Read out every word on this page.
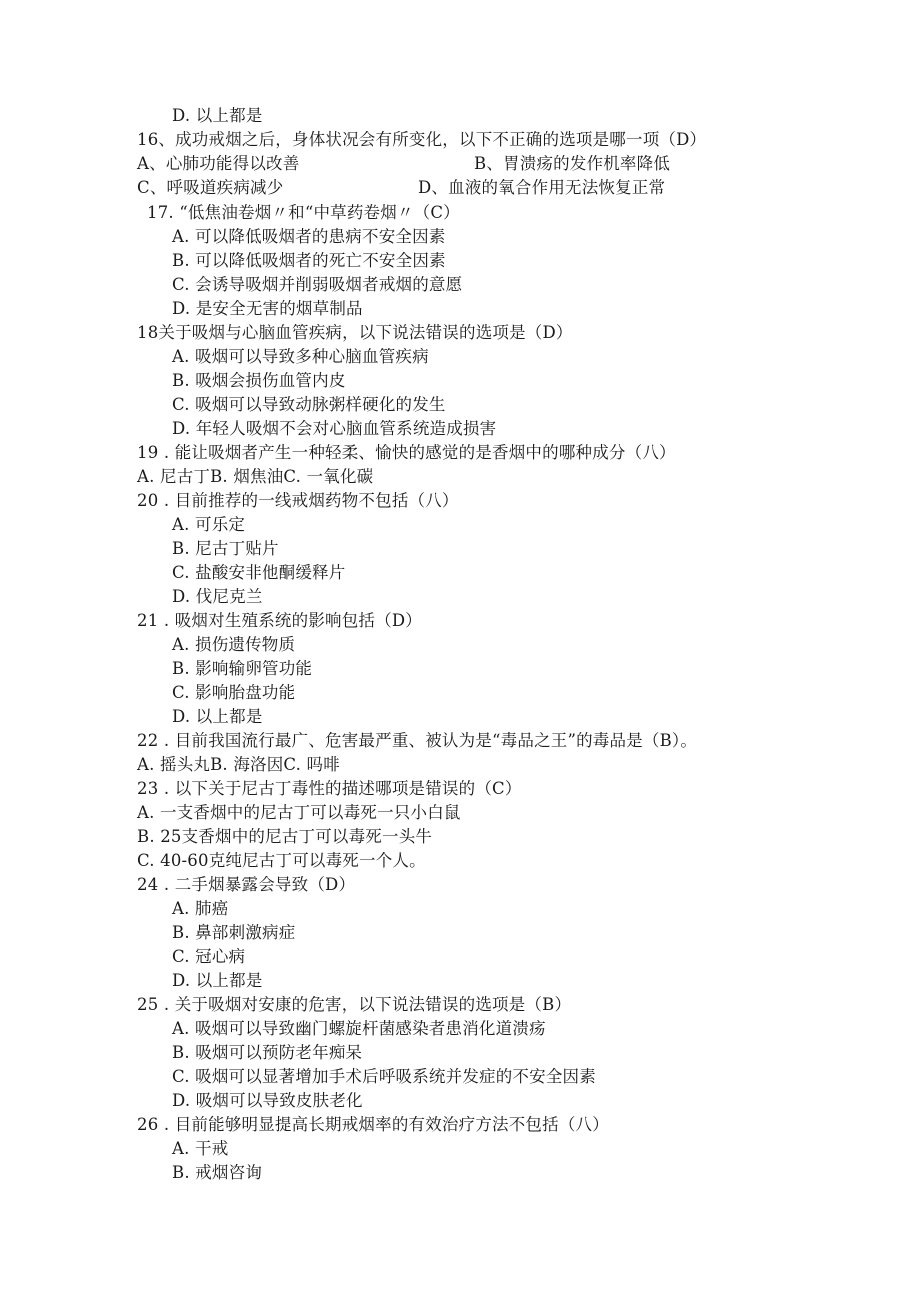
D. 以上都是
16、成功戒烟之后，身体状况会有所变化，以下不正确的选项是哪一项（D）
A、心肺功能得以改善	B、胃溃疡的发作机率降低
C、呼吸道疾病减少	D、血液的氧合作用无法恢复正常
17. “低焦油卷烟〃和“中草药卷烟〃（C）
A. 可以降低吸烟者的患病不安全因素
B. 可以降低吸烟者的死亡不安全因素
C. 会诱导吸烟并削弱吸烟者戒烟的意愿
D. 是安全无害的烟草制品
18关于吸烟与心脑血管疾病，以下说法错误的选项是（D）
A. 吸烟可以导致多种心脑血管疾病
B. 吸烟会损伤血管内皮
C. 吸烟可以导致动脉粥样硬化的发生
D. 年轻人吸烟不会对心脑血管系统造成损害
19 . 能让吸烟者产生一种轻柔、愉快的感觉的是香烟中的哪种成分（八）
A. 尼古丁B. 烟焦油C. 一氧化碳
20 . 目前推荐的一线戒烟药物不包括（八）
A. 可乐定
B. 尼古丁贴片
C. 盐酸安非他酮缓释片
D. 伐尼克兰
21 . 吸烟对生殖系统的影响包括（D）
A. 损伤遗传物质
B. 影响输卵管功能
C. 影响胎盘功能
D. 以上都是
22 . 目前我国流行最广、危害最严重、被认为是“毒品之王”的毒品是（B）。
A. 摇头丸B. 海洛因C. 吗啡
23 . 以下关于尼古丁毒性的描述哪项是错误的（C）
A. 一支香烟中的尼古丁可以毒死一只小白鼠
B. 25支香烟中的尼古丁可以毒死一头牛
C. 40-60克纯尼古丁可以毒死一个人。
24 . 二手烟暴露会导致（D）
A. 肺癌
B. 鼻部刺激病症
C. 冠心病
D. 以上都是
25 . 关于吸烟对安康的危害，以下说法错误的选项是（B）
A. 吸烟可以导致幽门螺旋杆菌感染者患消化道溃疡
B. 吸烟可以预防老年痴呆
C. 吸烟可以显著增加手术后呼吸系统并发症的不安全因素
D. 吸烟可以导致皮肤老化
26 . 目前能够明显提高长期戒烟率的有效治疗方法不包括（八）
A. 干戒
B. 戒烟咨询
